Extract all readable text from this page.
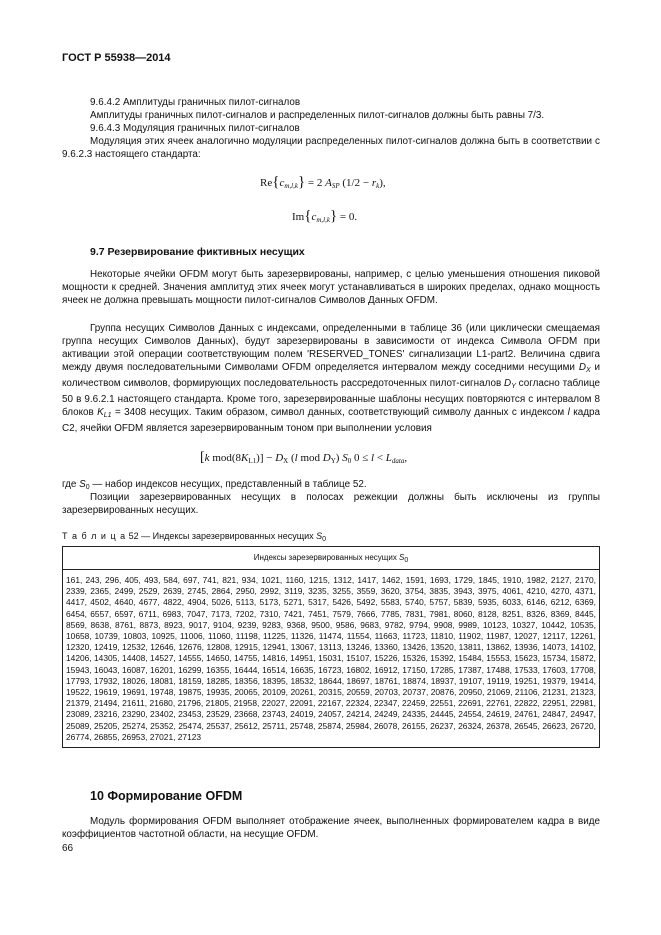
ГОСТ Р 55938—2014
9.6.4.2 Амплитуды граничных пилот-сигналов
Амплитуды граничных пилот-сигналов и распределенных пилот-сигналов должны быть равны 7/3.
9.6.4.3 Модуляция граничных пилот-сигналов
Модуляция этих ячеек аналогично модуляции распределенных пилот-сигналов должна быть в соответствии с 9.6.2.3 настоящего стандарта:
$Re\{c_{m,l,k}\} = 2$ $A_{SP}$ $(1/2 - r_k)$,
$Im\{c_{m,l,k}\} = 0$.
9.7 Резервирование фиктивных несущих
Некоторые ячейки OFDM могут быть зарезервированы, например, с целью уменьшения отношения пиковой мощности к средней. Значения амплитуд этих ячеек могут устанавливаться в широких пределах, однако мощность ячеек не должна превышать мощности пилот-сигналов Символов Данных OFDM.
Группа несущих Символов Данных с индексами, определенными в таблице 36 (или циклически смещаемая группа несущих Символов Данных), будут зарезервированы в зависимости от индекса Символа OFDM при активации этой операции соответствующим полем 'RESERVED_TONES' сигнализации L1-part2. Величина сдвига между двумя последовательными Символами OFDM определяется интервалом между соседними несущими $D_X$ и количеством символов, формирующих последовательность рассредоточенных пилот-сигналов $D_Y$ согласно таблице 50 в 9.6.2.1 настоящего стандарта. Кроме того, зарезервированные шаблоны несущих повторяются с интервалом 8 блоков $K_{L1} = 3408$ несущих. Таким образом, символ данных, соответствующий символу данных с индексом l кадра C2, ячейки OFDM является зарезервированным тоном при выполнении условия
[k $mod(8K_{L1})] - D_X$ (l mod $D_Y$) $S_0$ $0 \le l < L_{data}$,
где $S_0$ — набор индексов несущих, представленный в таблице 52.
Позиции зарезервированных несущих в полосах режекции должны быть исключены из группы зарезервированных несущих.
Т а б л и ц а 52 — Индексы зарезервированных несущих $S_0$
Индексы зарезервированных несущих $S_0$
161, 243, 296, 405, 493, 584, 697, 741, 821, 934, 1021, 1160, 1215, 1312, 1417, 1462, 1591, 1693, 1729, 1845, 1910, 1982, 2127, 2170, 2339, 2365, 2499, 2529, 2639, 2745, 2864, 2950, 2992, 3119, 3235, 3255, 3559, 3620, 3754, 3835, 3943, 3975, 4061, 4210, 4270, 4371, 4417, 4502, 4640, 4677, 4822, 4904, 5026, 5113, 5173, 5271, 5317, 5426, 5492, 5583, 5740, 5757, 5839, 5935, 6033, 6146, 6212, 6369, 6454, 6557, 6597, 6711, 6983, 7047, 7173, 7202, 7310, 7421, 7451, 7579, 7666, 7785, 7831, 7981, 8060, 8128, 8251, 8326, 8369, 8445, 8569, 8638, 8761, 8873, 8923, 9017, 9104, 9239, 9283, 9368, 9500, 9586, 9683, 9782, 9794, 9908, 9989, 10123, 10327, 10442, 10535, 10658, 10739, 10803, 10925, 11006, 11060, 11198, 11225, 11326, 11474, 11554, 11663, 11723, 11810, 11902, 11987, 12027, 12117, 12261, 12320, 12419, 12532, 12646, 12676, 12808, 12915, 12941, 13067, 13113, 13246, 13360, 13426, 13520, 13811, 13862, 13936, 14073, 14102, 14206, 14305, 14408, 14527, 14555, 14650, 14755, 14816, 14951, 15031, 15107, 15226, 15326, 15392, 15484, 15553, 15623, 15734, 15872, 15943, 16043, 16087, 16201, 16299, 16355, 16444, 16514, 16635, 16723, 16802, 16912, 17150, 17285, 17387, 17488, 17533, 17603, 17708, 17793, 17932, 18026, 18081, 18159, 18285, 18356, 18395, 18532, 18644, 18697, 18761, 18874, 18937, 19107, 19119, 19251, 19379, 19414, 19522, 19619, 19691, 19748, 19875, 19935, 20065, 20109, 20261, 20315, 20559, 20703, 20737, 20876, 20950, 21069, 21106, 21231, 21323, 21379, 21494, 21611, 21680, 21796, 21805, 21958, 22027, 22091, 22167, 22324, 22347, 22459, 22551, 22691, 22761, 22822, 22951, 22981, 23089, 23216, 23290, 23402, 23453, 23529, 23668, 23743, 24019, 24057, 24214, 24249, 24335, 24445, 24554, 24619, 24761, 24847, 24947, 25089, 25205, 25274, 25352, 25474, 25537, 25612, 25711, 25748, 25874, 25984, 26078, 26155, 26237, 26324, 26378, 26545, 26623, 26720, 26774, 26855, 26953, 27021, 27123
10 Формирование OFDM
Модуль формирования OFDM выполняет отображение ячеек, выполненных формирователем кадра в виде коэффициентов частотной области, на несущие OFDM.
66
